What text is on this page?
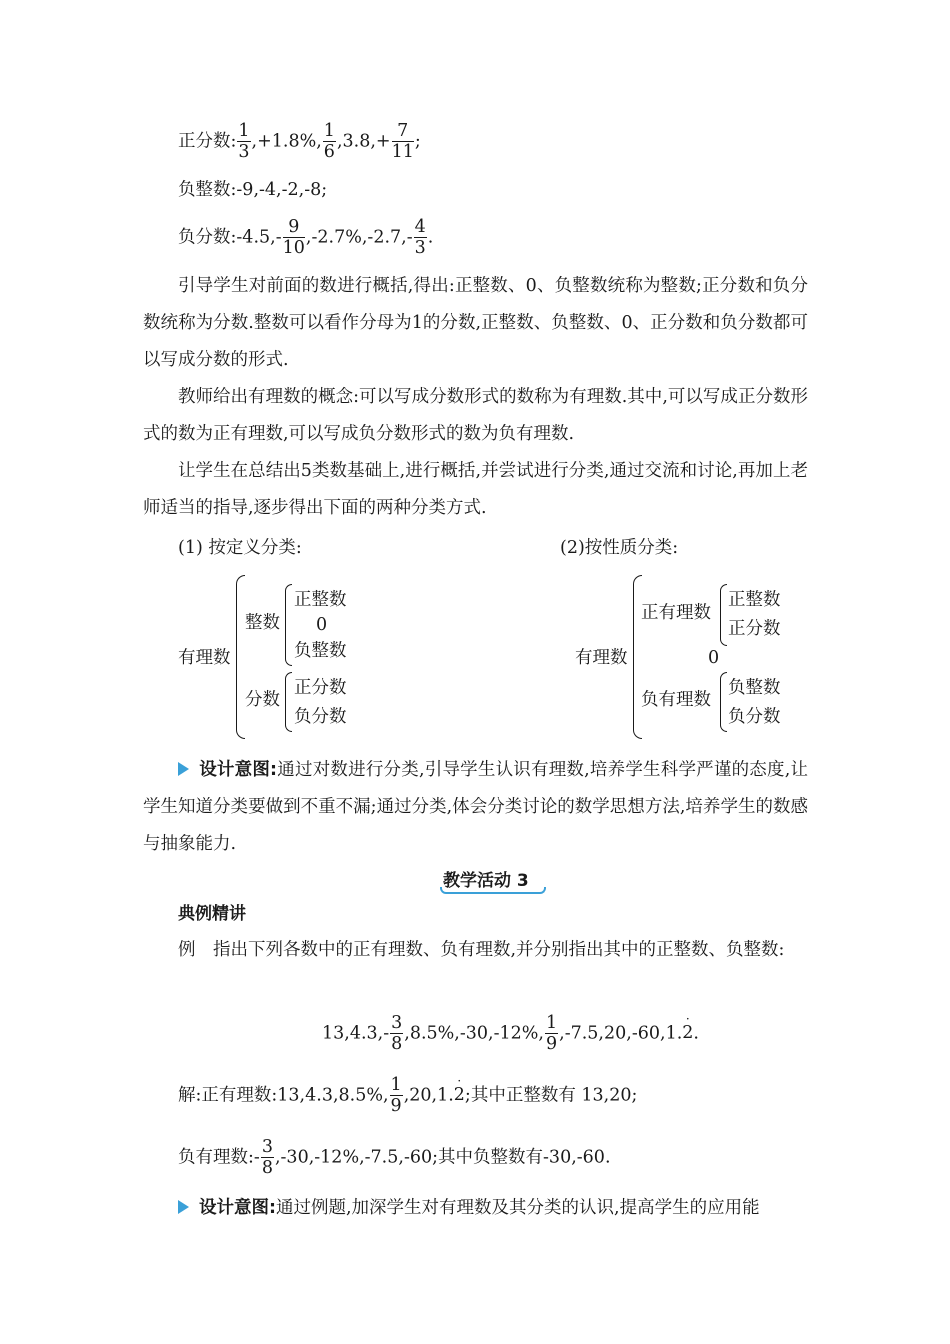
正分数: $\frac{1}{3} ,+1.8\%$, $\frac{1}{6} ,3.8,+ \frac{7}{11}$ ;
负整数:-9,-4,-2,-8;
负分数:-4.5,- $\frac{9}{10} ,-2.7\%,-2.7,- \frac{4}{3}$ .
引导学生对前面的数进行概括,得出:正整数、0、负整数统称为整数;正分数和负分数统称为分数.整数可以看作分母为1的分数,正整数、负整数、0、正分数和负分数都可以写成分数的形式.
教师给出有理数的概念:可以写成分数形式的数称为有理数.其中,可以写成正分数形式的数为正有理数,可以写成负分数形式的数为负有理数.
让学生在总结出5类数基础上,进行概括,并尝试进行分类,通过交流和讨论,再加上老师适当的指导,逐步得出下面的两种分类方式.
(1) 按定义分类:	(2)按性质分类:
有理数
整数
正整数
0
负整数
分数
正分数
负分数
有理数
正有理数
正整数
正分数
0
负有理数
负整数
负分数
设计意图:通过对数进行分类,引导学生认识有理数,培养学生科学严谨的态度,让学生知道分类要做到不重不漏;通过分类,体会分类讨论的数学思想方法,培养学生的数感与抽象能力.
教学活动 3
典例精讲
例　指出下列各数中的正有理数、负有理数,并分别指出其中的正整数、负整数:
$13,4.3,- \frac{3}{8} ,8.5\%,-30,-12\%$, $\frac{1}{9} ,-7.5,20,-60,1$.
·
2.
解:正有理数:13,4.3,8.5%, $\frac{1}{9} ,20,1$.
·
2;其中正整数有 13,20;
负有理数:- $\frac{3}{8} ,-30,-12\%,-7.5,-60$;其中负整数有-30,-60.
设计意图:通过例题,加深学生对有理数及其分类的认识,提高学生的应用能
